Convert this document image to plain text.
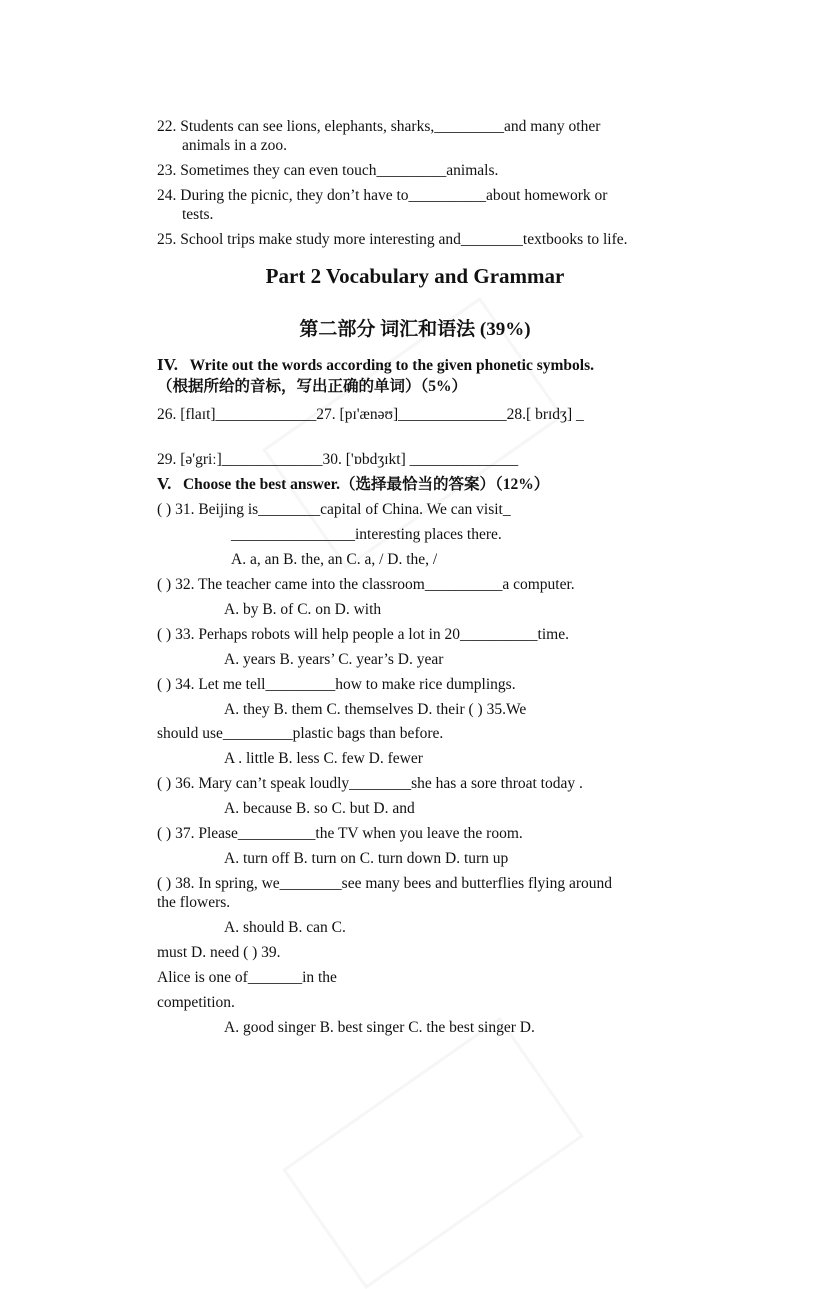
22. Students can see lions, elephants, sharks,_________and many other
animals in a zoo.
23. Sometimes they can even touch_________animals.
24. During the picnic, they don’t have to__________about homework or
tests.
25. School trips make study more interesting and________textbooks to life.
Part 2 Vocabulary and Grammar
第二部分 词汇和语法 (39%)
IV. Write out the words according to the given phonetic symbols.
（根据所给的音标，写出正确的单词）（5%）
26. [flaɪt]_____________27. [pɪ'ænəʊ]______________28.[ brɪdʒ] _
29. [ə'griː]_____________30. ['ɒbdʒɪkt] ______________
V. Choose the best answer.（选择最恰当的答案）（12%）
( ) 31. Beijing is________capital of China. We can visit_
________________interesting places there.
A. a, an B. the, an C. a, / D. the, /
( ) 32. The teacher came into the classroom__________a computer.
A. by B. of C. on D. with
( ) 33. Perhaps robots will help people a lot in 20__________time.
A. years B. years’ C. year’s D. year
( ) 34. Let me tell_________how to make rice dumplings.
A. they B. them C. themselves D. their ( ) 35.We
should use_________plastic bags than before.
A . little B. less C. few D. fewer
( ) 36. Mary can’t speak loudly________she has a sore throat today .
A. because B. so C. but D. and
( ) 37. Please__________the TV when you leave the room.
A. turn off B. turn on C. turn down D. turn up
( ) 38. In spring, we________see many bees and butterflies flying around
the flowers.
A. should B. can C.
must D. need ( ) 39.
Alice is one of_______in the
competition.
A. good singer B. best singer C. the best singer D.
